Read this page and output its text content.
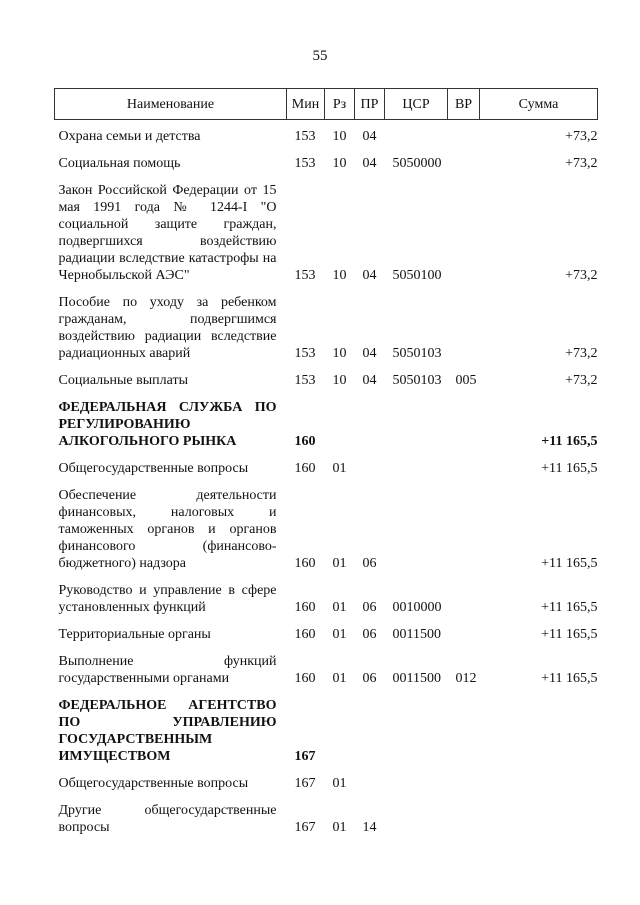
55
Наименование	Мин	Рз	ПР	ЦСР	ВР	Сумма
Охрана семьи и детства	153	10	04			+73,2
Социальная помощь	153	10	04	5050000		+73,2
Закон Российской Федерации от 15 мая 1991 года № 1244-I "О социальной защите граждан, подвергшихся воздействию радиации вследствие катастрофы на Чернобыльской АЭС"	153	10	04	5050100		+73,2
Пособие по уходу за ребенком гражданам, подвергшимся воздействию радиации вследствие радиационных аварий	153	10	04	5050103		+73,2
Социальные выплаты	153	10	04	5050103	005	+73,2
ФЕДЕРАЛЬНАЯ СЛУЖБА ПО РЕГУЛИРОВАНИЮ АЛКОГОЛЬНОГО РЫНКА	160					+11 165,5
Общегосударственные вопросы	160	01				+11 165,5
Обеспечение деятельности финансовых, налоговых и таможенных органов и органов финансового (финансово-бюджетного) надзора	160	01	06			+11 165,5
Руководство и управление в сфере установленных функций	160	01	06	0010000		+11 165,5
Территориальные органы	160	01	06	0011500		+11 165,5
Выполнение функций государственными органами	160	01	06	0011500	012	+11 165,5
ФЕДЕРАЛЬНОЕ АГЕНТСТВО ПО УПРАВЛЕНИЮ ГОСУДАРСТВЕННЫМ ИМУЩЕСТВОМ	167					
Общегосударственные вопросы	167	01				
Другие общегосударственные вопросы	167	01	14			
